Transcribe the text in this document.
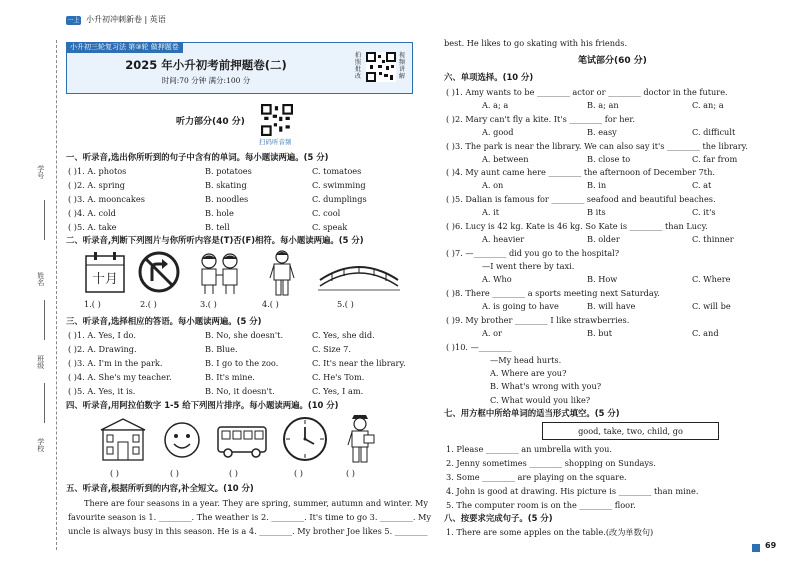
一上 小升初冲刺新卷 | 英语
学号
姓名
班级
学校
小升初三轮复习法 第③轮 做押题卷
2025 年小升初考前押题卷(二)
时间:70 分钟 满分:100 分
拍照批改
视频讲解
听力部分(40 分)
扫码听音频
一、听录音,选出你所听到的句子中含有的单词。每小题读两遍。(5 分)
( )1. A. photos	B. potatoes	C. tomatoes
( )2. A. spring	B. skating	C. swimming
( )3. A. mooncakes	B. noodles	C. dumplings
( )4. A. cold	B. hole	C. cool
( )5. A. take	B. tell	C. speak
二、听录音,判断下列图片与你所听内容是(T)否(F)相符。每小题读两遍。(5 分)
十月
1.( )	2.( )	3.( )	4.( )	5.( )
三、听录音,选择相应的答语。每小题读两遍。(5 分)
( )1. A. Yes, I do.	B. No, she doesn't.	C. Yes, she did.
( )2. A. Drawing.	B. Blue.	C. Size 7.
( )3. A. I'm in the park.	B. I go to the zoo.	C. It's near the library.
( )4. A. She's my teacher.	B. It's mine.	C. He's Tom.
( )5. A. Yes, it is.	B. No, it doesn't.	C. Yes, I am.
四、听录音,用阿拉伯数字 1-5 给下列图片排序。每小题读两遍。(10 分)
( )	( )	( )	( )	( )
五、听录音,根据所听到的内容,补全短文。(10 分)
There are four seasons in a year. They are spring, summer, autumn and winter. My
favourite season is 1. ________. The weather is 2. ________. It's time to go 3. ________. My
uncle is always busy in this season. He is a 4. ________. My brother Joe likes 5. ________
best. He likes to go skating with his friends.
笔试部分(60 分)
六、单项选择。(10 分)
( )1. Amy wants to be ________ actor or ________ doctor in the future.
A. a; a	B. a; an	C. an; a
( )2. Mary can't fly a kite. It's ________ for her.
A. good	B. easy	C. difficult
( )3. The park is near the library. We can also say it's ________ the library.
A. between	B. close to	C. far from
( )4. My aunt came here ________ the afternoon of December 7th.
A. on	B. in	C. at
( )5. Dalian is famous for ________ seafood and beautiful beaches.
A. it	B its	C. it's
( )6. Lucy is 42 kg. Kate is 46 kg. So Kate is ________ than Lucy.
A. heavier	B. older	C. thinner
( )7. —________ did you go to the hospital?
—I went there by taxi.
A. Who	B. How	C. Where
( )8. There ________ a sports meeting next Saturday.
A. is going to have	B. will have	C. will be
( )9. My brother ________ I like strawberries.
A. or	B. but	C. and
( )10. —________
—My head hurts.
A. Where are you?
B. What's wrong with you?
C. What would you like?
七、用方框中所给单词的适当形式填空。(5 分)
good, take, two, child, go
1. Please ________ an umbrella with you.
2. Jenny sometimes ________ shopping on Sundays.
3. Some ________ are playing on the square.
4. John is good at drawing. His picture is ________ than mine.
5. The computer room is on the ________ floor.
八、按要求完成句子。(5 分)
1. There are some apples on the table.(改为单数句)
69
